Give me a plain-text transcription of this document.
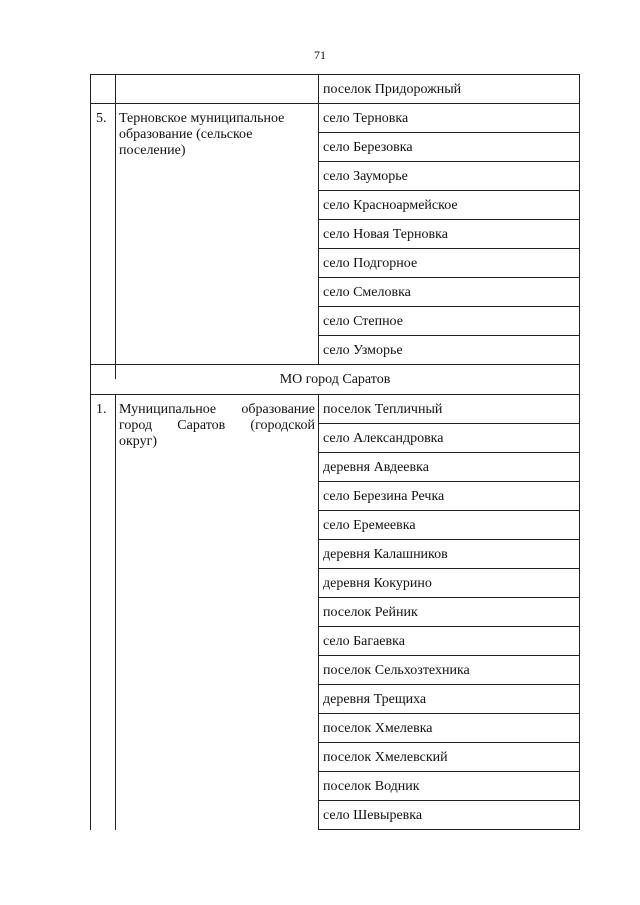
71
поселок Придорожный
5. Терновское муниципальное
образование (сельское
поселение)
село Терновка
село Березовка
село Зауморье
село Красноармейское
село Новая Терновка
село Подгорное
село Смеловка
село Степное
село Узморье
МО город Саратов
1. Муниципальное образование
город Саратов (городской
округ)
поселок Тепличный
село Александровка
деревня Авдеевка
село Березина Речка
село Еремеевка
деревня Калашников
деревня Кокурино
поселок Рейник
село Багаевка
поселок Сельхозтехника
деревня Трещиха
поселок Хмелевка
поселок Хмелевский
поселок Водник
село Шевыревка
